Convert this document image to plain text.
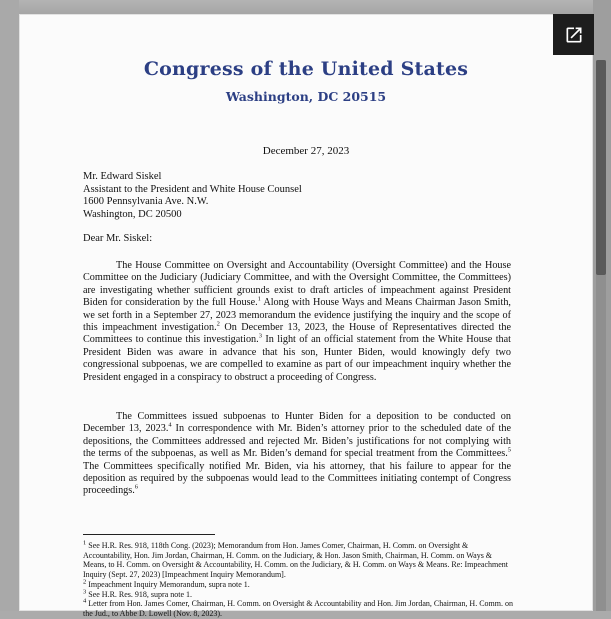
Congress of the United States
Washington, DC 20515
December 27, 2023
Mr. Edward Siskel
Assistant to the President and White House Counsel
1600 Pennsylvania Ave. N.W.
Washington, DC 20500
Dear Mr. Siskel:

The House Committee on Oversight and Accountability (Oversight Committee) and the House Committee on the Judiciary (Judiciary Committee, and with the Oversight Committee, the Committees) are investigating whether sufficient grounds exist to draft articles of impeachment against President Biden for consideration by the full House.$^1$ Along with House Ways and Means Chairman Jason Smith, we set forth in a September 27, 2023 memorandum the evidence justifying the inquiry and the scope of this impeachment investigation.$^2$ On December 13, 2023, the House of Representatives directed the Committees to continue this investigation.$^3$ In light of an official statement from the White House that President Biden was aware in advance that his son, Hunter Biden, would knowingly defy two congressional subpoenas, we are compelled to examine as part of our impeachment inquiry whether the President engaged in a conspiracy to obstruct a proceeding of Congress.

The Committees issued subpoenas to Hunter Biden for a deposition to be conducted on December 13, 2023.$^4$ In correspondence with Mr. Biden’s attorney prior to the scheduled date of the depositions, the Committees addressed and rejected Mr. Biden’s justifications for not complying with the terms of the subpoenas, as well as Mr. Biden’s demand for special treatment from the Committees.$^5$ The Committees specifically notified Mr. Biden, via his attorney, that his failure to appear for the deposition as required by the subpoenas would lead to the Committees initiating contempt of Congress proceedings.$^6$

$^1$ See H.R. Res. 918, 118th Cong. (2023); Memorandum from Hon. James Comer, Chairman, H. Comm. on Oversight & Accountability, Hon. Jim Jordan, Chairman, H. Comm. on the Judiciary, & Hon. Jason Smith, Chairman, H. Comm. on Ways & Means, to H. Comm. on Oversight & Accountability, H. Comm. on the Judiciary, & H. Comm. on Ways & Means. Re: Impeachment Inquiry (Sept. 27, 2023) [Impeachment Inquiry Memorandum].

$^2$ Impeachment Inquiry Memorandum, supra note 1.

$^3$ See H.R. Res. 918, supra note 1.

$^4$ Letter from Hon. James Comer, Chairman, H. Comm. on Oversight & Accountability and Hon. Jim Jordan, Chairman, H. Comm. on the Jud., to Abbe D. Lowell (Nov. 8, 2023).
